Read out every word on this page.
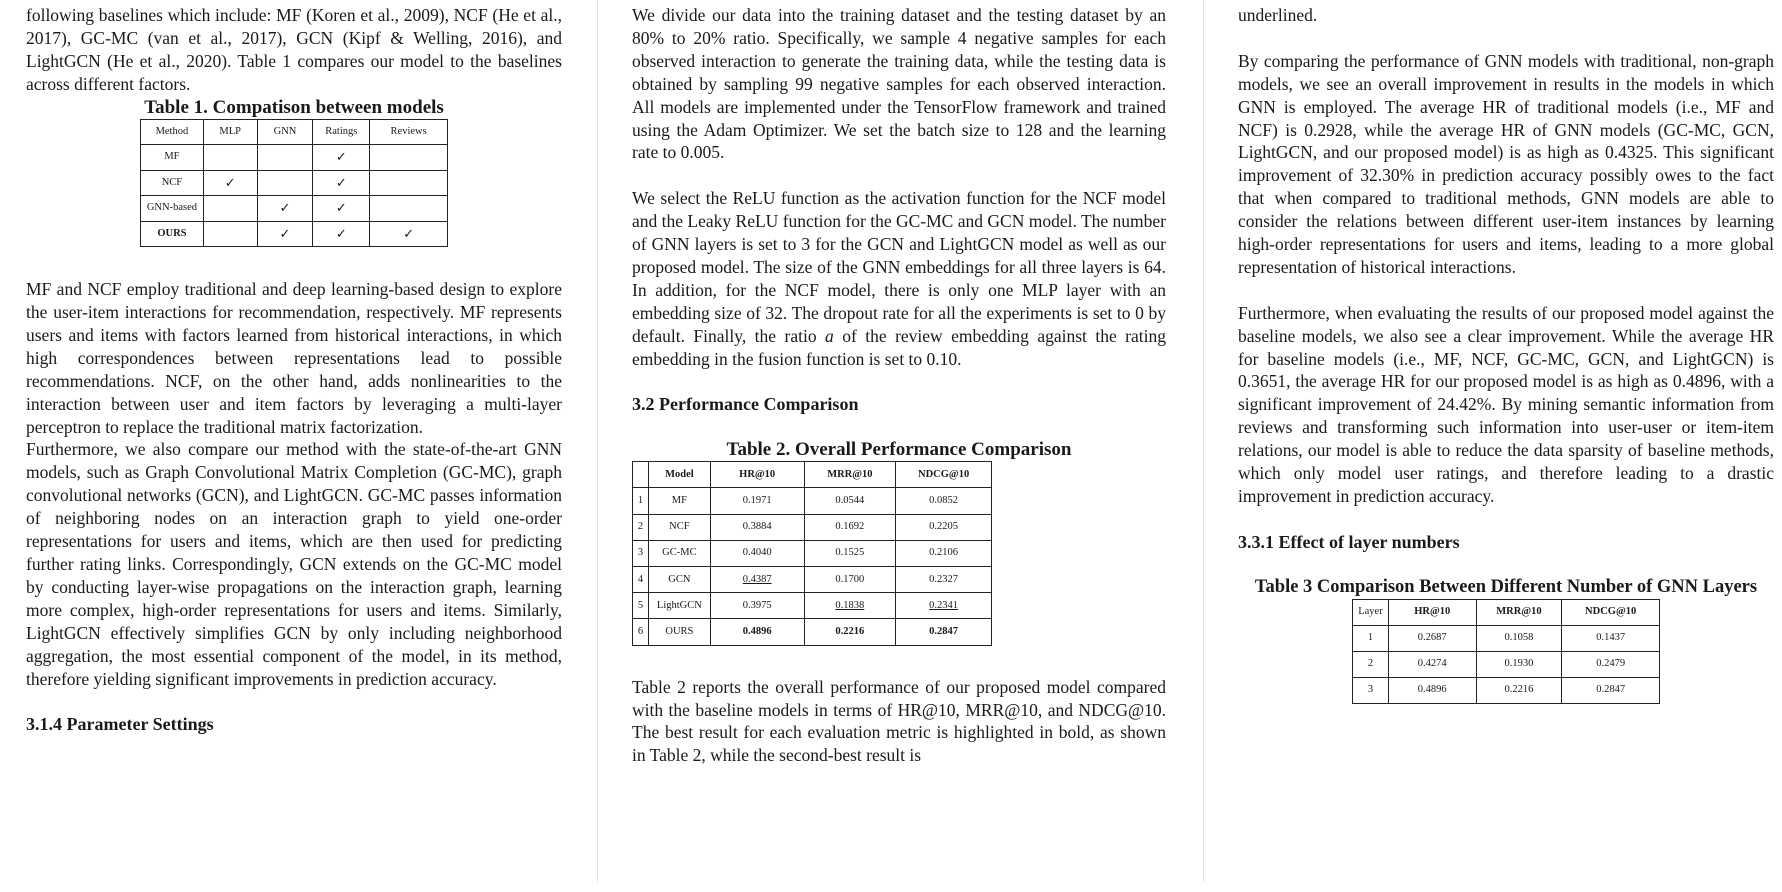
following baselines which include: MF (Koren et al., 2009), NCF (He et al., 2017), GC-MC (van et al., 2017), GCN (Kipf & Welling, 2016), and LightGCN (He et al., 2020). Table 1 compares our model to the baselines across different factors.

Table 1. Compatison between models
Method	MLP	GNN	Ratings	Reviews
MF			✓	
NCF	✓		✓	
GNN-based		✓	✓	
OURS		✓	✓	✓

MF and NCF employ traditional and deep learning-based design to explore the user-item interactions for recommendation, respectively. MF represents users and items with factors learned from historical interactions, in which high correspondences between representations lead to possible recommendations. NCF, on the other hand, adds nonlinearities to the interaction between user and item factors by leveraging a multi-layer perceptron to replace the traditional matrix factorization.

Furthermore, we also compare our method with the state-of-the-art GNN models, such as Graph Convolutional Matrix Completion (GC-MC), graph convolutional networks (GCN), and LightGCN. GC-MC passes information of neighboring nodes on an interaction graph to yield one-order representations for users and items, which are then used for predicting further rating links. Correspondingly, GCN extends on the GC-MC model by conducting layer-wise propagations on the interaction graph, learning more complex, high-order representations for users and items. Similarly, LightGCN effectively simplifies GCN by only including neighborhood aggregation, the most essential component of the model, in its method, therefore yielding significant improvements in prediction accuracy.

3.1.4 Parameter Settings

We divide our data into the training dataset and the testing dataset by an 80% to 20% ratio. Specifically, we sample 4 negative samples for each observed interaction to generate the training data, while the testing data is obtained by sampling 99 negative samples for each observed interaction. All models are implemented under the TensorFlow framework and trained using the Adam Optimizer. We set the batch size to 128 and the learning rate to 0.005.

We select the ReLU function as the activation function for the NCF model and the Leaky ReLU function for the GC-MC and GCN model. The number of GNN layers is set to 3 for the GCN and LightGCN model as well as our proposed model. The size of the GNN embeddings for all three layers is 64. In addition, for the NCF model, there is only one MLP layer with an embedding size of 32. The dropout rate for all the experiments is set to 0 by default. Finally, the ratio a of the review embedding against the rating embedding in the fusion function is set to 0.10.

3.2 Performance Comparison
Table 2. Overall Performance Comparison
	Model	HR@10	MRR@10	NDCG@10
1	MF	0.1971	0.0544	0.0852
2	NCF	0.3884	0.1692	0.2205
3	GC-MC	0.4040	0.1525	0.2106
4	GCN	0.4387	0.1700	0.2327
5	LightGCN	0.3975	0.1838	0.2341
6	OURS	0.4896	0.2216	0.2847

Table 2 reports the overall performance of our proposed model compared with the baseline models in terms of HR@10, MRR@10, and NDCG@10. The best result for each evaluation metric is highlighted in bold, as shown in Table 2, while the second-best result is

underlined.

By comparing the performance of GNN models with traditional, non-graph models, we see an overall improvement in results in the models in which GNN is employed. The average HR of traditional models (i.e., MF and NCF) is 0.2928, while the average HR of GNN models (GC-MC, GCN, LightGCN, and our proposed model) is as high as 0.4325. This significant improvement of 32.30% in prediction accuracy possibly owes to the fact that when compared to traditional methods, GNN models are able to consider the relations between different user-item instances by learning high-order representations for users and items, leading to a more global representation of historical interactions.

Furthermore, when evaluating the results of our proposed model against the baseline models, we also see a clear improvement. While the average HR for baseline models (i.e., MF, NCF, GC-MC, GCN, and LightGCN) is 0.3651, the average HR for our proposed model is as high as 0.4896, with a significant improvement of 24.42%. By mining semantic information from reviews and transforming such information into user-user or item-item relations, our model is able to reduce the data sparsity of baseline methods, which only model user ratings, and therefore leading to a drastic improvement in prediction accuracy.

3.3.1 Effect of layer numbers
Table 3 Comparison Between Different Number of GNN Layers
Layer	HR@10	MRR@10	NDCG@10
1	0.2687	0.1058	0.1437
2	0.4274	0.1930	0.2479
3	0.4896	0.2216	0.2847
